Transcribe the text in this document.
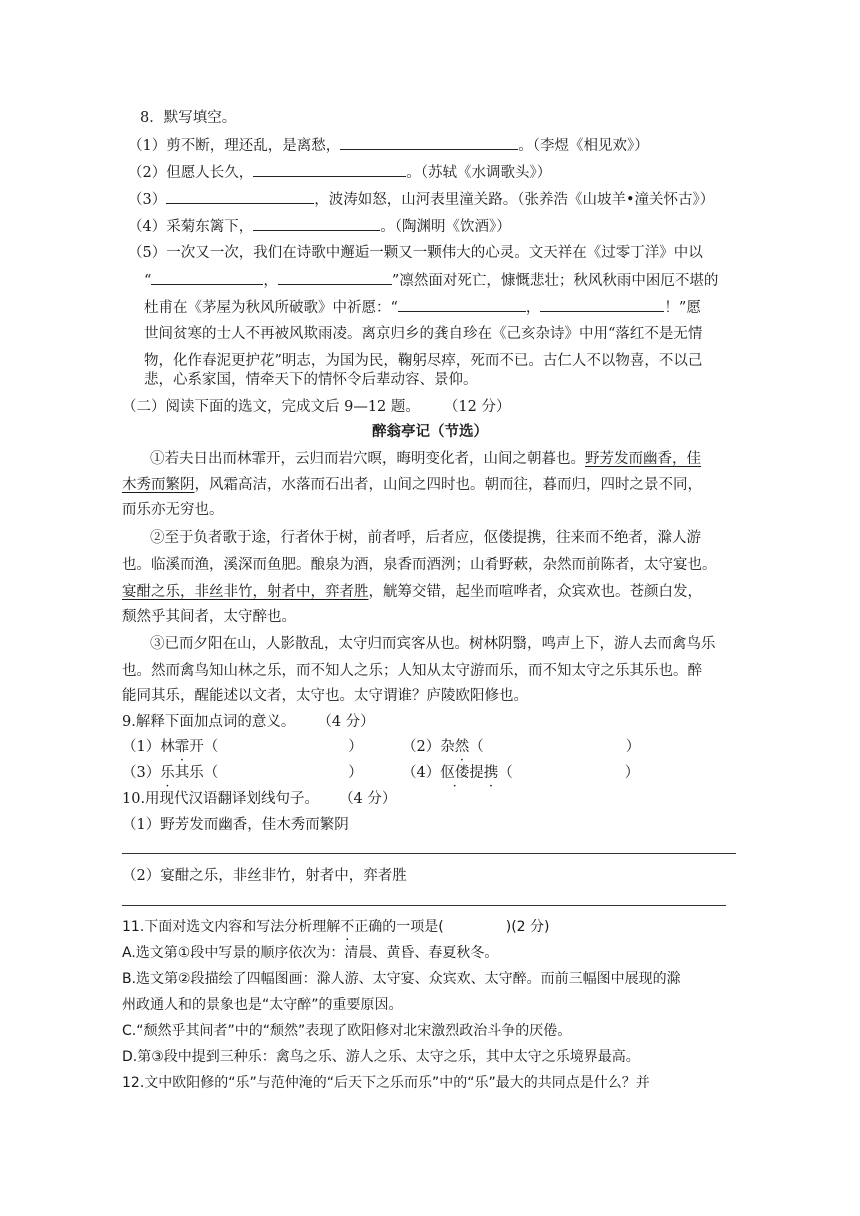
8．默写填空。
（1）剪不断，理还乱，是离愁，	。（李煜《相见欢》）
（2）但愿人长久，	。（苏轼《水调歌头》）
（3）	，波涛如怒，山河表里潼关路。（张养浩《山坡羊•潼关怀古》）
（4）采菊东篱下，	。（陶渊明《饮酒》）
（5）一次又一次，我们在诗歌中邂逅一颗又一颗伟大的心灵。文天祥在《过零丁洋》中以
“	，	”凛然面对死亡，慷慨悲壮；秋风秋雨中困厄不堪的
杜甫在《茅屋为秋风所破歌》中祈愿：“	，	！”愿
世间贫寒的士人不再被风欺雨凌。离京归乡的龚自珍在《己亥杂诗》中用“落红不是无情
物，化作春泥更护花”明志，为国为民，鞠躬尽瘁，死而不已。古仁人不以物喜，不以己
悲，心系家国，情牵天下的情怀令后辈动容、景仰。
（二）阅读下面的选文，完成文后 9—12 题。 （12 分）
醉翁亭记（节选）
①若夫日出而林霏开，云归而岩穴暝，晦明变化者，山间之朝暮也。野芳发而幽香，佳
木秀而繁阴，风霜高洁，水落而石出者，山间之四时也。朝而往，暮而归，四时之景不同，
而乐亦无穷也。
②至于负者歌于途，行者休于树，前者呼，后者应，伛偻提携，往来而不绝者，滁人游
也。临溪而渔，溪深而鱼肥。酿泉为酒，泉香而酒洌；山肴野蔌，杂然而前陈者，太守宴也。
宴酣之乐，非丝非竹，射者中，弈者胜，觥筹交错，起坐而喧哗者，众宾欢也。苍颜白发，
颓然乎其间者，太守醉也。
③已而夕阳在山，人影散乱，太守归而宾客从也。树林阴翳，鸣声上下，游人去而禽鸟乐
也。然而禽鸟知山林之乐，而不知人之乐；人知从太守游而乐，而不知太守之乐其乐也。醉
能同其乐，醒能述以文者，太守也。太守谓谁？庐陵欧阳修也。
9.解释下面加点词的意义。 （4 分）
（1）林霏开（	）	（2）杂然（	）
（3）乐其乐（	）	（4）伛偻提携（	）
10.用现代汉语翻译划线句子。 （4 分）
（1）野芳发而幽香，佳木秀而繁阴
（2）宴酣之乐，非丝非竹，射者中，弈者胜
11.下面对选文内容和写法分析理解不正确的一项是(	)(2 分)
A.选文第①段中写景的顺序依次为：清晨、黄昏、春夏秋冬。
B.选文第②段描绘了四幅图画：滁人游、太守宴、众宾欢、太守醉。而前三幅图中展现的滁
州政通人和的景象也是“太守醉”的重要原因。
C.“颓然乎其间者”中的“颓然”表现了欧阳修对北宋激烈政治斗争的厌倦。
D.第③段中提到三种乐：禽鸟之乐、游人之乐、太守之乐，其中太守之乐境界最高。
12.文中欧阳修的“乐”与范仲淹的“后天下之乐而乐”中的“乐”最大的共同点是什么？并
